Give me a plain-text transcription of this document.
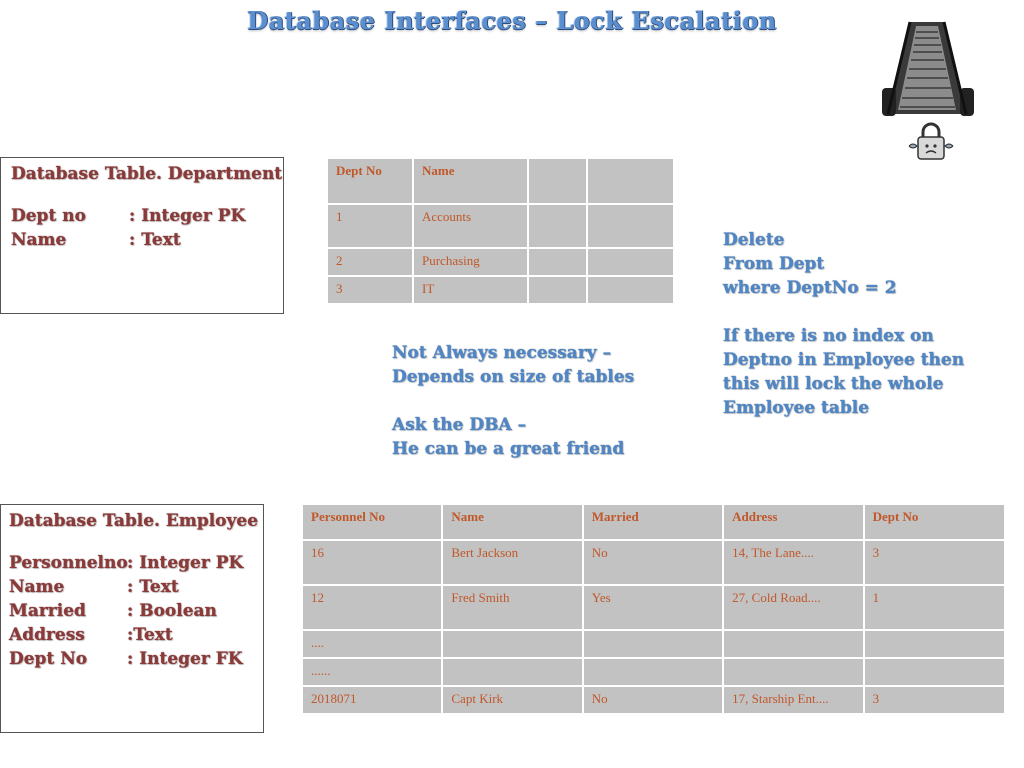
Database Interfaces – Lock Escalation
Database Table. Department
Dept no	: Integer PK
Name	: Text
Dept No	Name		
1	Accounts		
2	Purchasing		
3	IT		
Delete
From Dept
where DeptNo = 2
If there is no index on
Deptno in Employee then
this will lock the whole
Employee table
Not Always necessary –
Depends on size of tables
Ask the DBA –
He can be a great friend
Database Table. Employee
Personnelno : Integer PK
Name	: Text
Married	: Boolean
Address	:Text
Dept No	: Integer FK
Personnel No	Name	Married	Address	Dept No
16	Bert Jackson	No	14, The Lane....	3
12	Fred Smith	Yes	27, Cold Road....	1
....				
......				
2018071	Capt Kirk	No	17, Starship Ent....	3
